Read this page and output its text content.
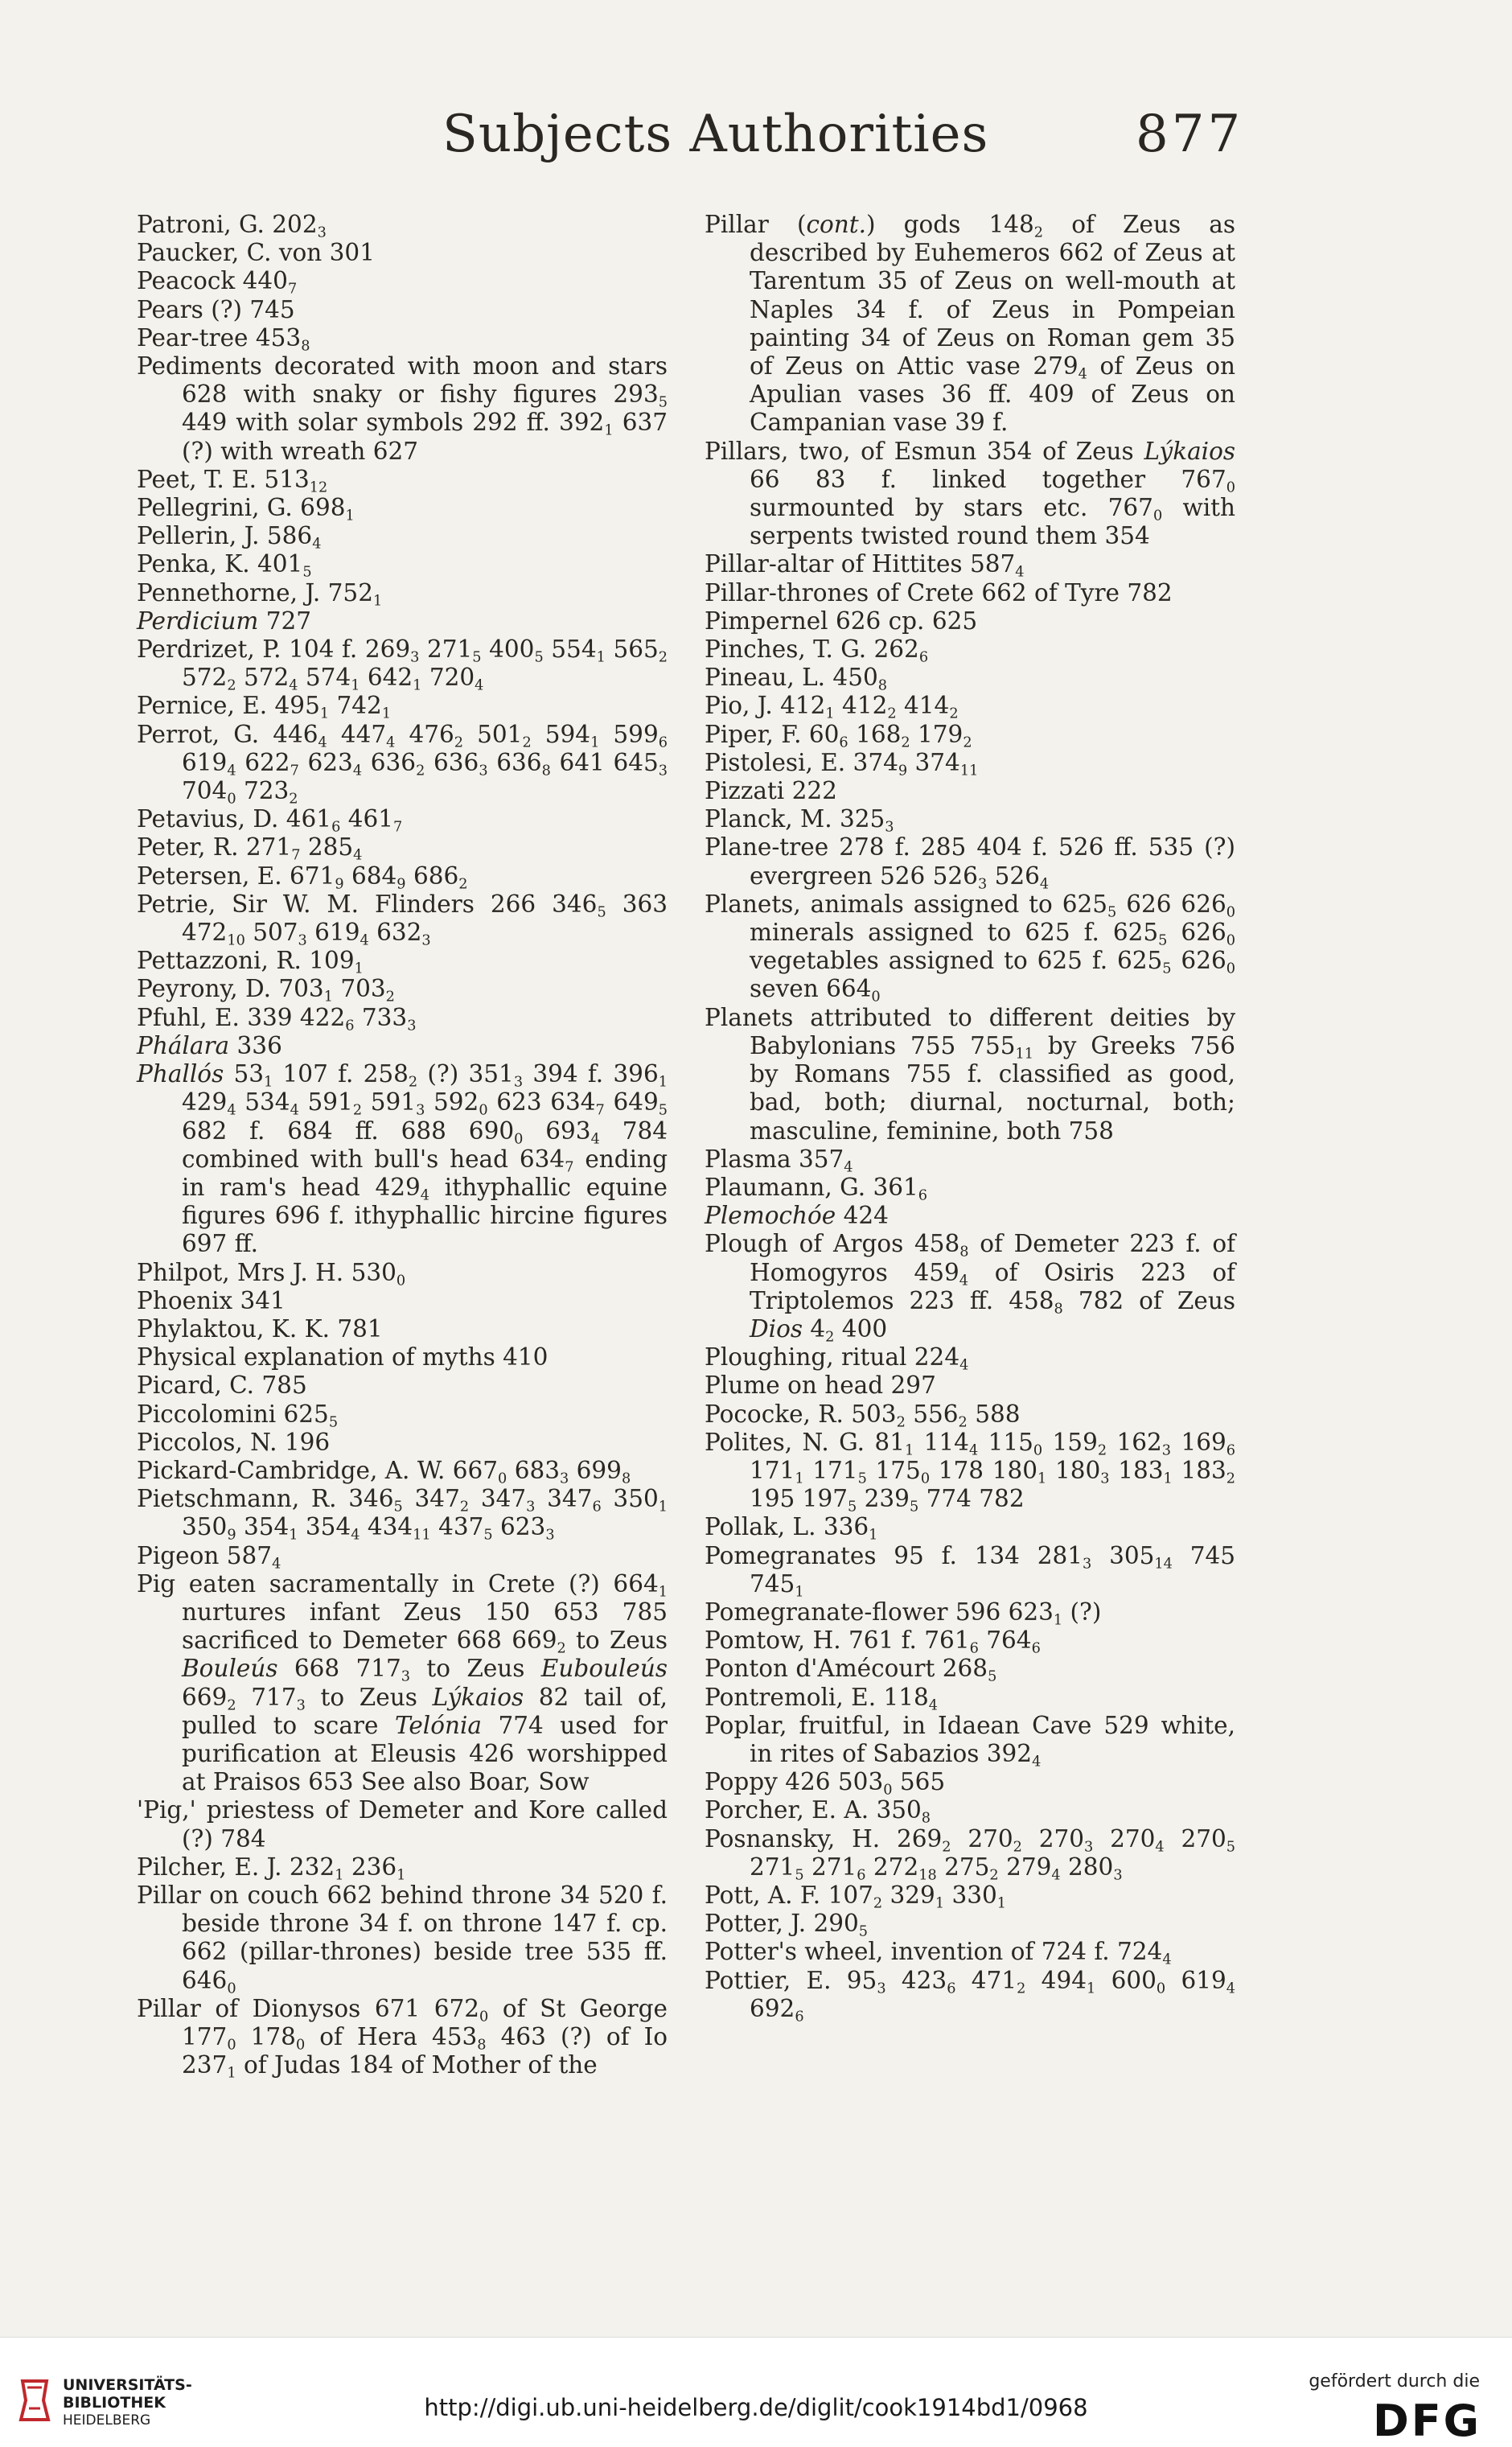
Subjects Authorities	877

Patroni, G. $202_3$

Paucker, C. von 301

Peacock $440_7$

Pears (?) 745

Pear-tree $453_8$

Pediments decorated with moon and stars 628 with snaky or fishy figures $293_5$ 449 with solar symbols 292 ff. $392_1$ 637 (?) with wreath 627

Peet, T. E. $513_{12}$

Pellegrini, G. $698_1$

Pellerin, J. $586_4$

Penka, K. $401_5$

Pennethorne, J. $752_1$

Perdicium 727

Perdrizet, P. 104 f. $269_3$ $271_5$ $400_5$ $554_1$ $565_2$ $572_2$ $572_4$ $574_1$ $642_1$ $720_4$

Pernice, E. $495_1$ $742_1$

Perrot, G. $446_4$ $447_4$ $476_2$ $501_2$ $594_1$ $599_6$ $619_4$ $622_7$ $623_4$ $636_2$ $636_3$ $636_8$ 641 $645_3$ $704_0$ $723_2$

Petavius, D. $461_6$ $461_7$

Peter, R. $271_7$ $285_4$

Petersen, E. $671_9$ $684_9$ $686_2$

Petrie, Sir W. M. Flinders 266 $346_5$ 363 $472_{10}$ $507_3$ $619_4$ $632_3$

Pettazzoni, R. $109_1$

Peyrony, D. $703_1$ $703_2$

Pfuhl, E. 339 $422_6$ $733_3$

Phálara 336

Phallós $53_1$ 107 f. $258_2$ (?) $351_3$ 394 f. $396_1$ $429_4$ $534_4$ $591_2$ $591_3$ $592_0$ 623 $634_7$ $649_5$ 682 f. 684 ff. 688 $690_0$ $693_4$ 784 combined with bull's head $634_7$ ending in ram's head $429_4$ ithyphallic equine figures 696 f. ithyphallic hircine figures 697 ff.

Philpot, Mrs J. H. $530_0$

Phoenix 341

Phylaktou, K. K. 781

Physical explanation of myths 410

Picard, C. 785

Piccolomini $625_5$

Piccolos, N. 196

Pickard-Cambridge, A. W. $667_0$ $683_3$ $699_8$

Pietschmann, R. $346_5$ $347_2$ $347_3$ $347_6$ $350_1$ $350_9$ $354_1$ $354_4$ $434_{11}$ $437_5$ $623_3$

Pigeon $587_4$

Pig eaten sacramentally in Crete (?) $664_1$ nurtures infant Zeus 150 653 785 sacrificed to Demeter 668 $669_2$ to Zeus Bouleús 668 $717_3$ to Zeus Eubouleús $669_2$ $717_3$ to Zeus Lýkaios 82 tail of, pulled to scare Telónia 774 used for purification at Eleusis 426 worshipped at Praisos 653 See also Boar, Sow

'Pig,' priestess of Demeter and Kore called (?) 784

Pilcher, E. J. $232_1$ $236_1$

Pillar on couch 662 behind throne 34 520 f. beside throne 34 f. on throne 147 f. cp. 662 (pillar-thrones) beside tree 535 ff. $646_0$

Pillar of Dionysos 671 $672_0$ of St George $177_0$ $178_0$ of Hera $453_8$ 463 (?) of Io $237_1$ of Judas 184 of Mother of the

Pillar (cont.) gods $148_2$ of Zeus as described by Euhemeros 662 of Zeus at Tarentum 35 of Zeus on well-mouth at Naples 34 f. of Zeus in Pompeian painting 34 of Zeus on Roman gem 35 of Zeus on Attic vase $279_4$ of Zeus on Apulian vases 36 ff. 409 of Zeus on Campanian vase 39 f.

Pillars, two, of Esmun 354 of Zeus Lýkaios 66 83 f. linked together $767_0$ surmounted by stars etc. $767_0$ with serpents twisted round them 354

Pillar-altar of Hittites $587_4$

Pillar-thrones of Crete 662 of Tyre 782

Pimpernel 626 cp. 625

Pinches, T. G. $262_6$

Pineau, L. $450_8$

Pio, J. $412_1$ $412_2$ $414_2$

Piper, F. $60_6$ $168_2$ $179_2$

Pistolesi, E. $374_9$ $374_{11}$

Pizzati 222

Planck, M. $325_3$

Plane-tree 278 f. 285 404 f. 526 ff. 535 (?) evergreen 526 $526_3$ $526_4$

Planets, animals assigned to $625_5$ 626 $626_0$ minerals assigned to 625 f. $625_5$ $626_0$ vegetables assigned to 625 f. $625_5$ $626_0$ seven $664_0$

Planets attributed to different deities by Babylonians 755 $755_{11}$ by Greeks 756 by Romans 755 f. classified as good, bad, both; diurnal, nocturnal, both; masculine, feminine, both 758

Plasma $357_4$

Plaumann, G. $361_6$

Plemochóe 424

Plough of Argos $458_8$ of Demeter 223 f. of Homogyros $459_4$ of Osiris 223 of Triptolemos 223 ff. $458_8$ 782 of Zeus Dios $4_2$ 400

Ploughing, ritual $224_4$

Plume on head 297

Pococke, R. $503_2$ $556_2$ 588

Polites, N. G. $81_1$ $114_4$ $115_0$ $159_2$ $162_3$ $169_6$ $171_1$ $171_5$ $175_0$ 178 $180_1$ $180_3$ $183_1$ $183_2$ 195 $197_5$ $239_5$ 774 782

Pollak, L. $336_1$

Pomegranates 95 f. 134 $281_3$ $305_{14}$ 745 $745_1$

Pomegranate-flower 596 $623_1$ (?)

Pomtow, H. 761 f. $761_6$ $764_6$

Ponton d'Amécourt $268_5$

Pontremoli, E. $118_4$

Poplar, fruitful, in Idaean Cave 529 white, in rites of Sabazios $392_4$

Poppy 426 $503_0$ 565

Porcher, E. A. $350_8$

Posnansky, H. $269_2$ $270_2$ $270_3$ $270_4$ $270_5$ $271_5$ $271_6$ $272_{18}$ $275_2$ $279_4$ $280_3$

Pott, A. F. $107_2$ $329_1$ $330_1$

Potter, J. $290_5$

Potter's wheel, invention of 724 f. $724_4$

Pottier, E. $95_3$ $423_6$ $471_2$ $494_1$ $600_0$ $619_4$ $692_6$

UNIVERSITÄTS-
BIBLIOTHEK
HEIDELBERG	http://digi.ub.uni-heidelberg.de/diglit/cook1914bd1/0968
gefördert durch die
DFG
